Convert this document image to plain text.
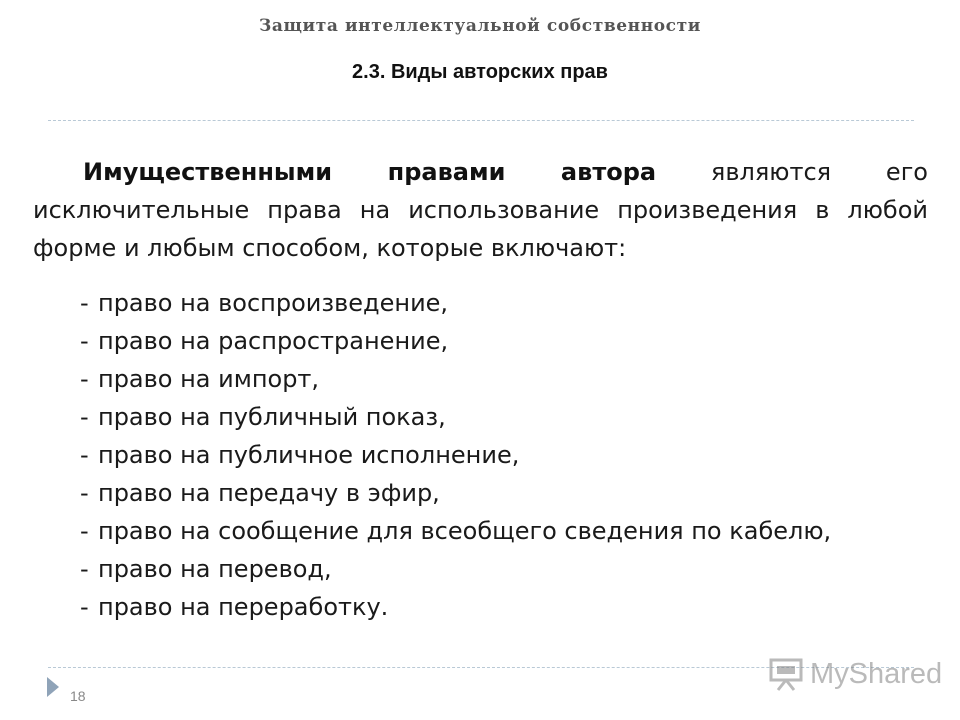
Защита интеллектуальной собственности
2.3. Виды авторских прав
Имущественными правами автора являются его исключительные права на использование произведения в любой форме и любым способом, которые включают:
- право на воспроизведение,
- право на распространение,
- право на импорт,
- право на публичный показ,
- право на публичное исполнение,
- право на передачу в эфир,
- право на сообщение для всеобщего сведения по кабелю,
- право на перевод,
- право на переработку.
18
MyShared
